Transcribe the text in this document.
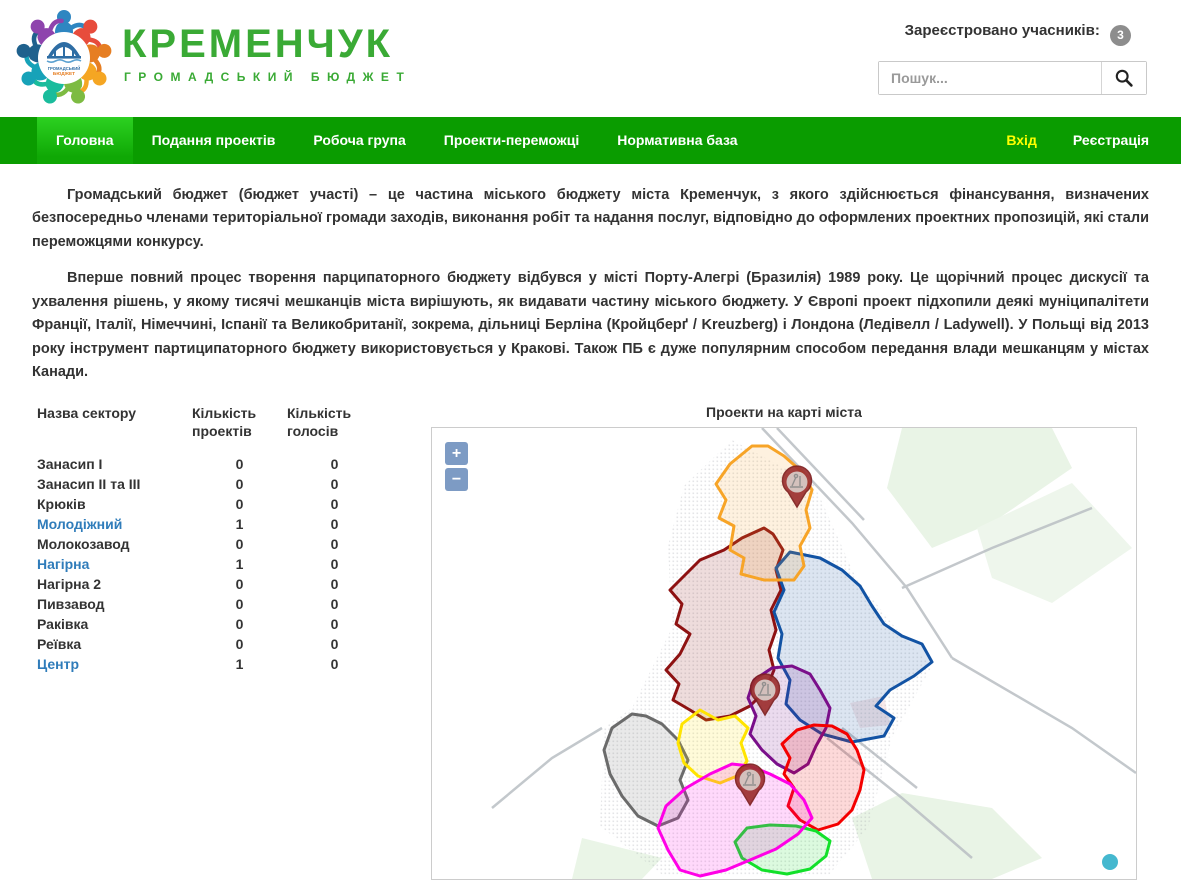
ГРОМАДСЬКИЙ
БЮДЖЕТ
КРЕМЕНЧУК
ГРОМАДСЬКИЙ БЮДЖЕТ
Зареєстровано учасників: 3
Пошук...
Головна	Подання проектів	Робоча група	Проекти-переможці	Нормативна база	Вхід	Реєстрація

Громадський бюджет (бюджет участі) – це частина міського бюджету міста Кременчук, з якого здійснюється фінансування, визначених безпосередньо членами територіальної громади заходів, виконання робіт та надання послуг, відповідно до оформлених проектних пропозицій, які стали переможцями конкурсу.

Вперше повний процес творення парципаторного бюджету відбувся у місті Порту-Алегрі (Бразилія) 1989 року. Це щорічний процес дискусії та ухвалення рішень, у якому тисячі мешканців міста вирішують, як видавати частину міського бюджету. У Європі проект підхопили деякі муніципалітети Франції, Італії, Німеччині, Іспанії та Великобританії, зокрема, дільниці Берліна (Кройцберґ / Kreuzberg) і Лондона (Ледівелл / Ladywell). У Польщі від 2013 року інструмент партиципаторного бюджету використовується у Кракові. Також ПБ є дуже популярним способом передання влади мешканцям у містах Канади.

Назва сектору	Кількість проектів	Кількість голосів
Занасип I	0	0
Занасип II та III	0	0
Крюків	0	0
Молодіжний	1	0
Молокозавод	0	0
Нагірна	1	0
Нагірна 2	0	0
Пивзавод	0	0
Раківка	0	0
Реївка	0	0
Центр	1	0
Проекти на карті міста
+
−
